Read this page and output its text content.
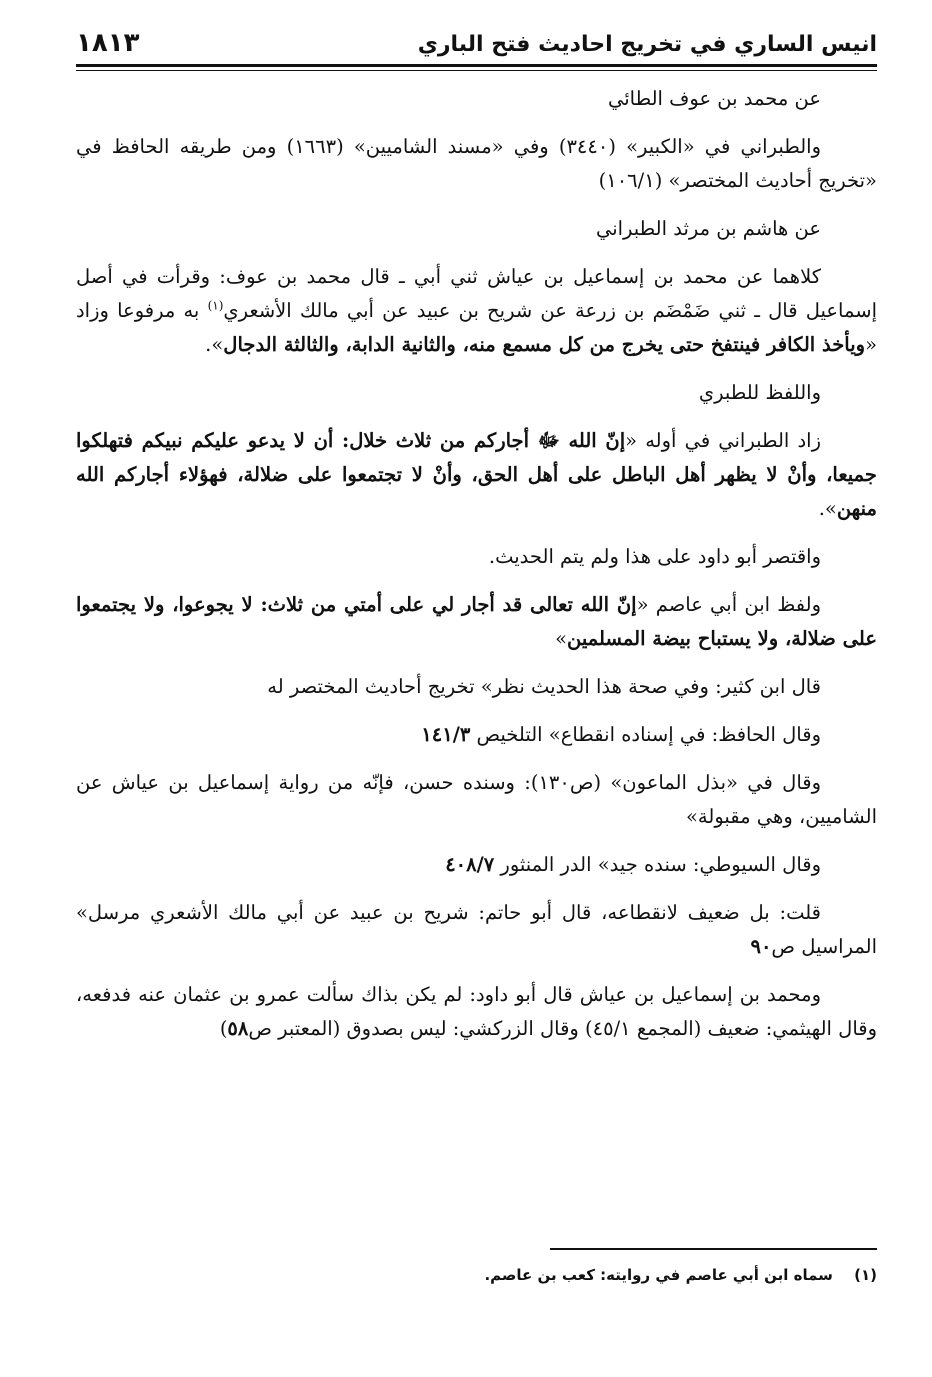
انيس الساري في تخريج احاديث فتح الباري
١٨١٣

عن محمد بن عوف الطائي

والطبراني في «الكبير» (٣٤٤٠) وفي «مسند الشاميين» (١٦٦٣) ومن طريقه الحافظ في «تخريج أحاديث المختصر» (١٠٦/١)

عن هاشم بن مرثد الطبراني

كلاهما عن محمد بن إسماعيل بن عياش ثني أبي ـ قال محمد بن عوف: وقرأت في أصل إسماعيل قال ـ ثني ضَمْضَم بن زرعة عن شريح بن عبيد عن أبي مالك الأشعري$^{(١)}$ به مرفوعا وزاد «ويأخذ الكافر فينتفخ حتى يخرج من كل مسمع منه، والثانية الدابة، والثالثة الدجال».

واللفظ للطبري

زاد الطبراني في أوله «إنّ الله ﷻ أجاركم من ثلاث خلال: أن لا يدعو عليكم نبيكم فتهلكوا جميعا، وأنْ لا يظهر أهل الباطل على أهل الحق، وأنْ لا تجتمعوا على ضلالة، فهؤلاء أجاركم الله منهن».

واقتصر أبو داود على هذا ولم يتم الحديث.

ولفظ ابن أبي عاصم «إنّ الله تعالى قد أجار لي على أمتي من ثلاث: لا يجوعوا، ولا يجتمعوا على ضلالة، ولا يستباح بيضة المسلمين»

قال ابن كثير: وفي صحة هذا الحديث نظر» تخريج أحاديث المختصر له

وقال الحافظ: في إسناده انقطاع» التلخيص ١٤١/٣

وقال في «بذل الماعون» (ص١٣٠): وسنده حسن، فإنّه من رواية إسماعيل بن عياش عن الشاميين، وهي مقبولة»

وقال السيوطي: سنده جيد» الدر المنثور ٤٠٨/٧

قلت: بل ضعيف لانقطاعه، قال أبو حاتم: شريح بن عبيد عن أبي مالك الأشعري مرسل» المراسيل ص٩٠

ومحمد بن إسماعيل بن عياش قال أبو داود: لم يكن بذاك سألت عمرو بن عثمان عنه فدفعه، وقال الهيثمي: ضعيف (المجمع ٤٥/١) وقال الزركشي: ليس بصدوق (المعتبر ص٥٨)

(١) سماه ابن أبي عاصم في روايته: كعب بن عاصم.
